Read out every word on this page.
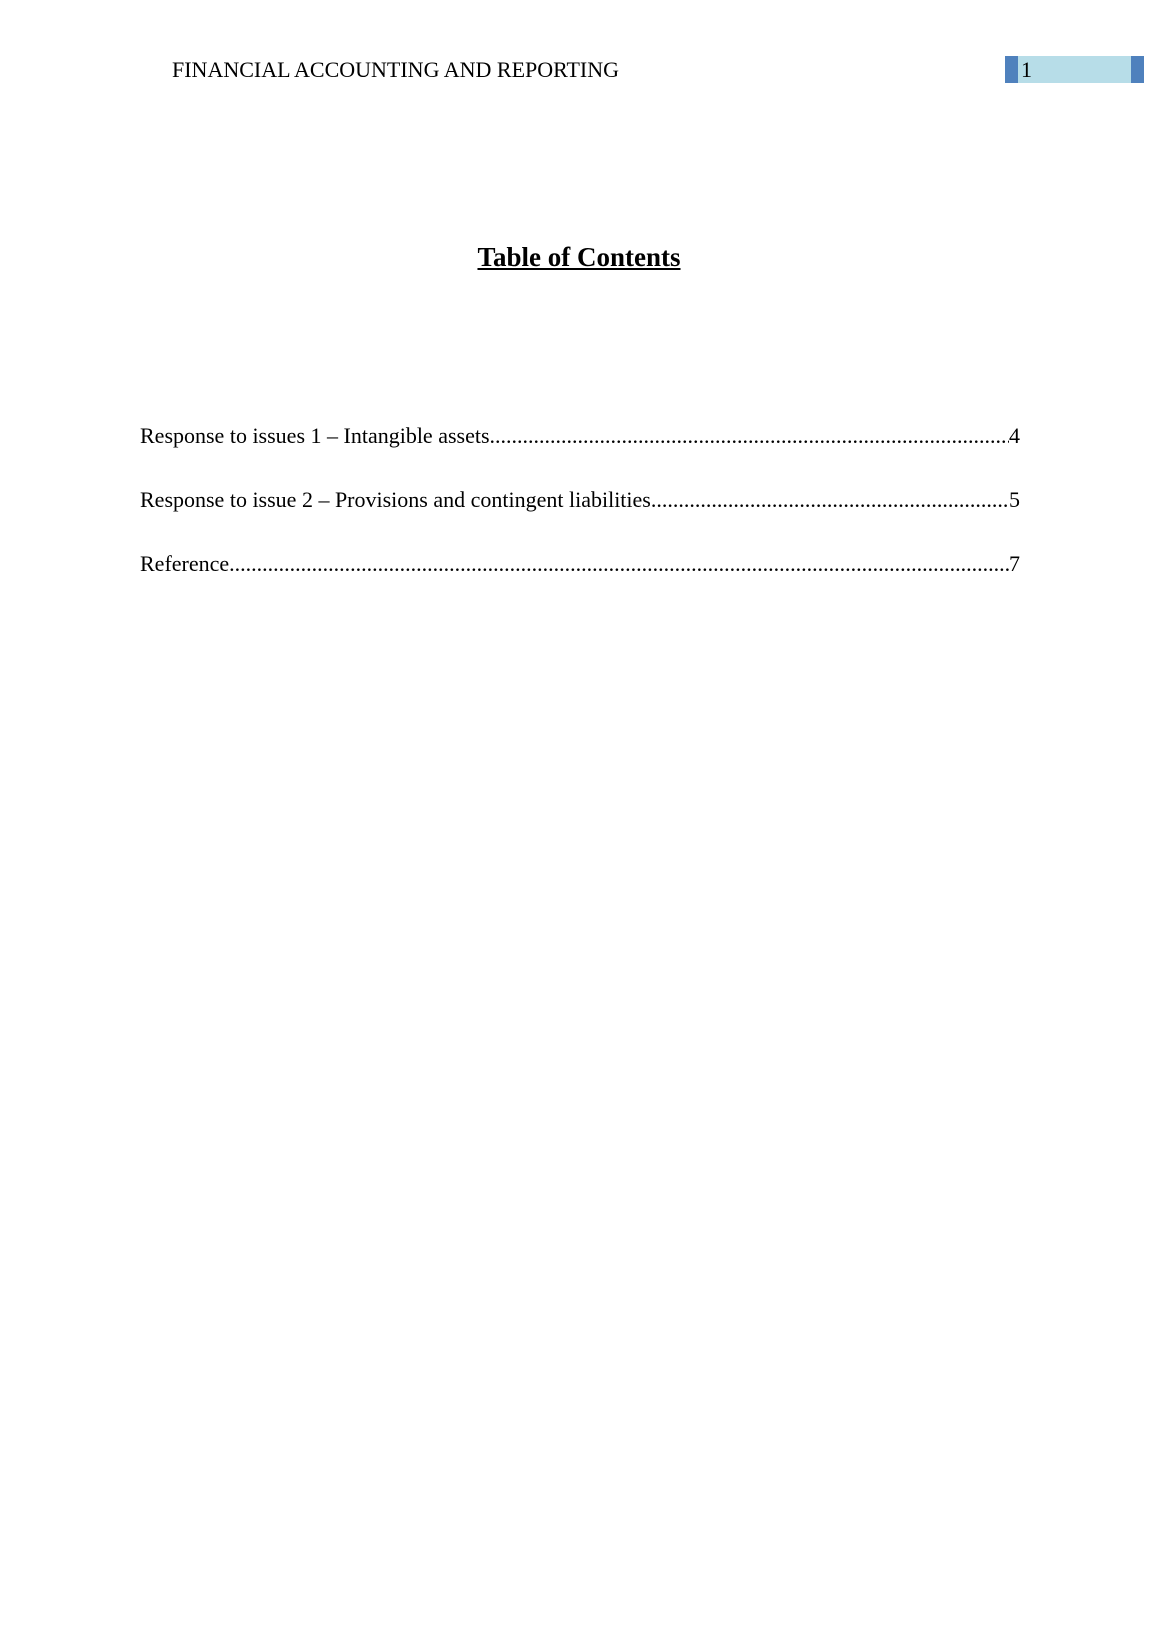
FINANCIAL ACCOUNTING AND REPORTING	1
Table of Contents
Response to issues 1 – Intangible assets .....	4
Response to issue 2 – Provisions and contingent liabilities .....	5
Reference .....	7
